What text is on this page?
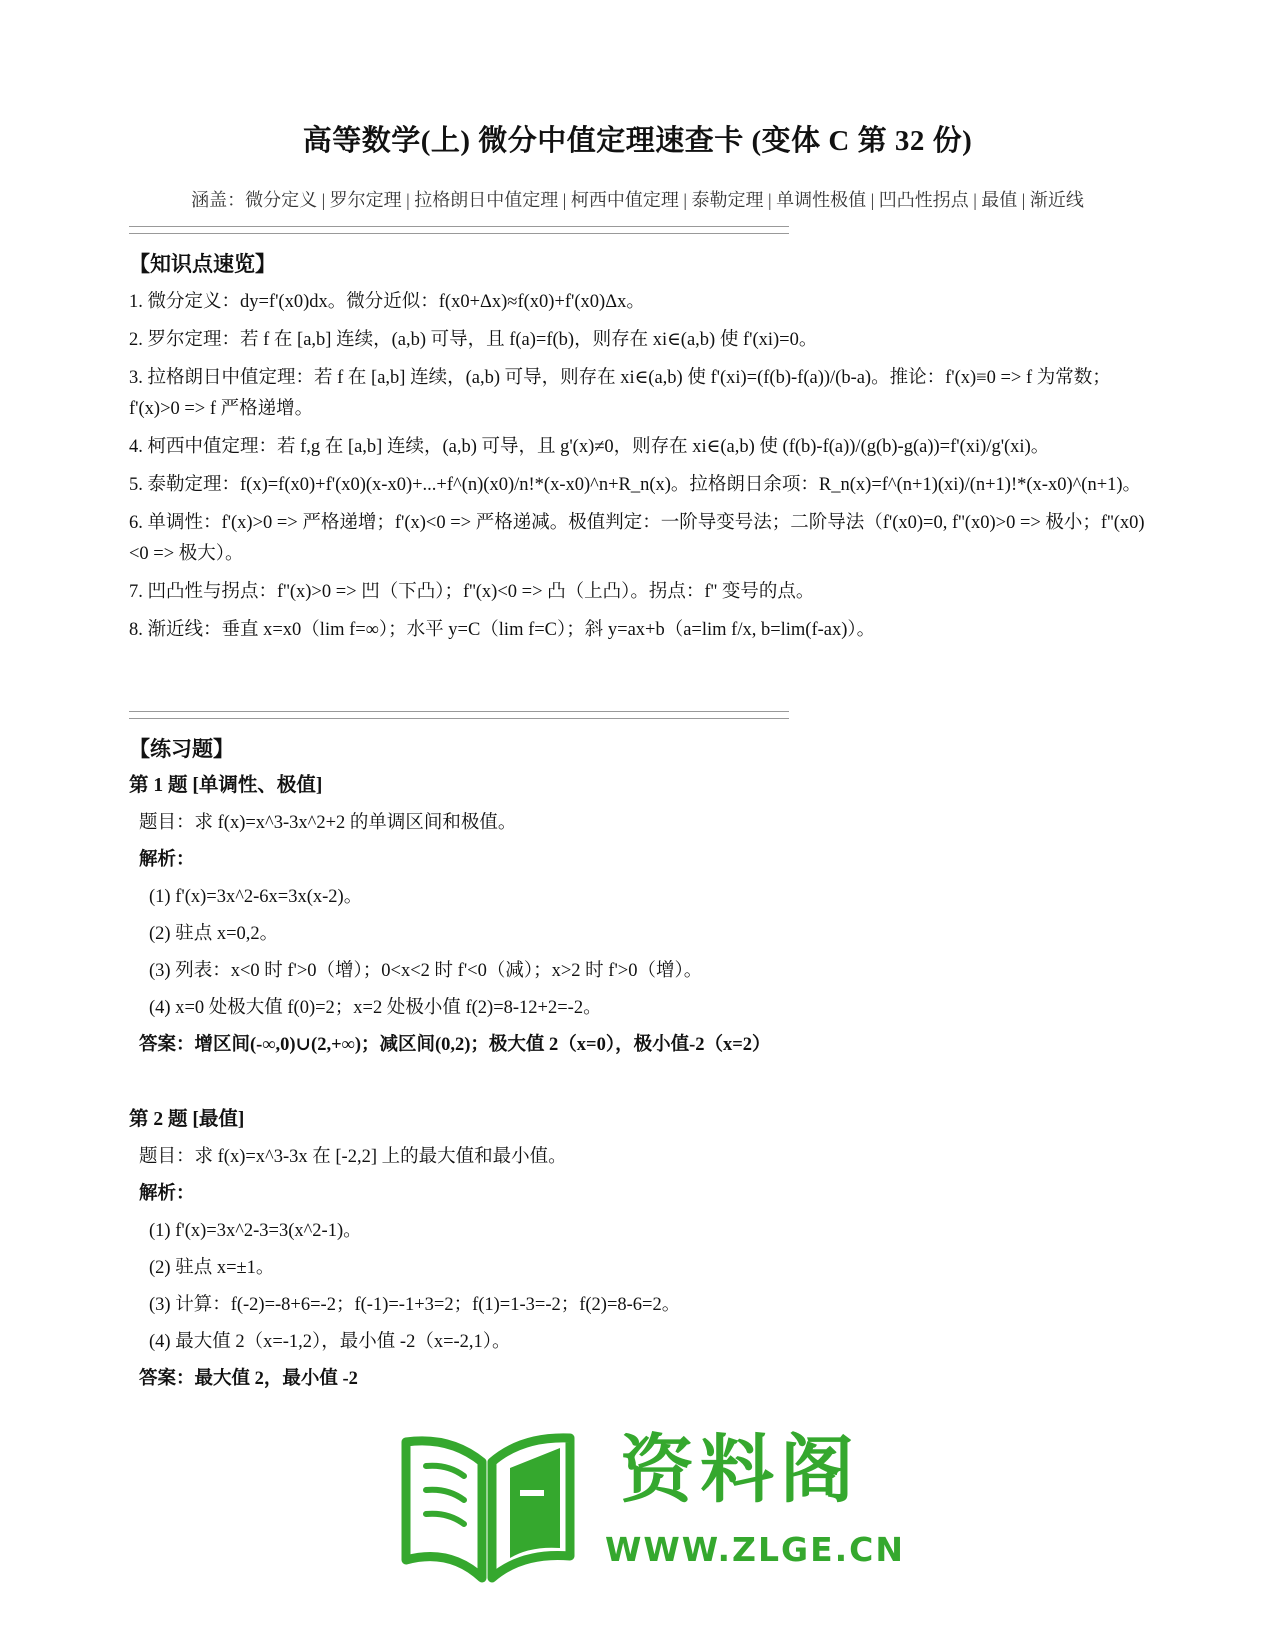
高等数学(上) 微分中值定理速查卡 (变体 C 第 32 份)
涵盖：微分定义 | 罗尔定理 | 拉格朗日中值定理 | 柯西中值定理 | 泰勒定理 | 单调性极值 | 凹凸性拐点 | 最值 | 渐近线

【知识点速览】

1. 微分定义：dy=f'(x0)dx。微分近似：f(x0+Δx)≈f(x0)+f'(x0)Δx。
2. 罗尔定理：若 f 在 [a,b] 连续，(a,b) 可导，且 f(a)=f(b)，则存在 xi∈(a,b) 使 f'(xi)=0。
3. 拉格朗日中值定理：若 f 在 [a,b] 连续，(a,b) 可导，则存在 xi∈(a,b) 使 f'(xi)=(f(b)-f(a))/(b-a)。推论：f'(x)≡0 => f 为常数；f'(x)>0 => f 严格递增。
4. 柯西中值定理：若 f,g 在 [a,b] 连续，(a,b) 可导，且 g'(x)≠0，则存在 xi∈(a,b) 使 (f(b)-f(a))/(g(b)-g(a))=f'(xi)/g'(xi)。
5. 泰勒定理：f(x)=f(x0)+f'(x0)(x-x0)+...+f^(n)(x0)/n!*(x-x0)^n+R_n(x)。拉格朗日余项：R_n(x)=f^(n+1)(xi)/(n+1)!*(x-x0)^(n+1)。
6. 单调性：f'(x)>0 => 严格递增；f'(x)<0 => 严格递减。极值判定：一阶导变号法；二阶导法（f'(x0)=0, f''(x0)>0 => 极小；f''(x0)<0 => 极大）。
7. 凹凸性与拐点：f''(x)>0 => 凹（下凸）；f''(x)<0 => 凸（上凸）。拐点：f'' 变号的点。
8. 渐近线：垂直 x=x0（lim f=∞）；水平 y=C（lim f=C）；斜 y=ax+b（a=lim f/x, b=lim(f-ax)）。

【练习题】

第 1 题 [单调性、极值]

题目：求 f(x)=x^3-3x^2+2 的单调区间和极值。

解析：

(1) f'(x)=3x^2-6x=3x(x-2)。

(2) 驻点 x=0,2。

(3) 列表：x<0 时 f'>0（增）；0<x<2 时 f'<0（减）；x>2 时 f'>0（增）。

(4) x=0 处极大值 f(0)=2；x=2 处极小值 f(2)=8-12+2=-2。

答案：增区间(-∞,0)∪(2,+∞)；减区间(0,2)；极大值 2（x=0），极小值-2（x=2）

第 2 题 [最值]

题目：求 f(x)=x^3-3x 在 [-2,2] 上的最大值和最小值。

解析：

(1) f'(x)=3x^2-3=3(x^2-1)。

(2) 驻点 x=±1。

(3) 计算：f(-2)=-8+6=-2；f(-1)=-1+3=2；f(1)=1-3=-2；f(2)=8-6=2。

(4) 最大值 2（x=-1,2），最小值 -2（x=-2,1）。

答案：最大值 2，最小值 -2

资料阁
WWW.ZLGE.CN
